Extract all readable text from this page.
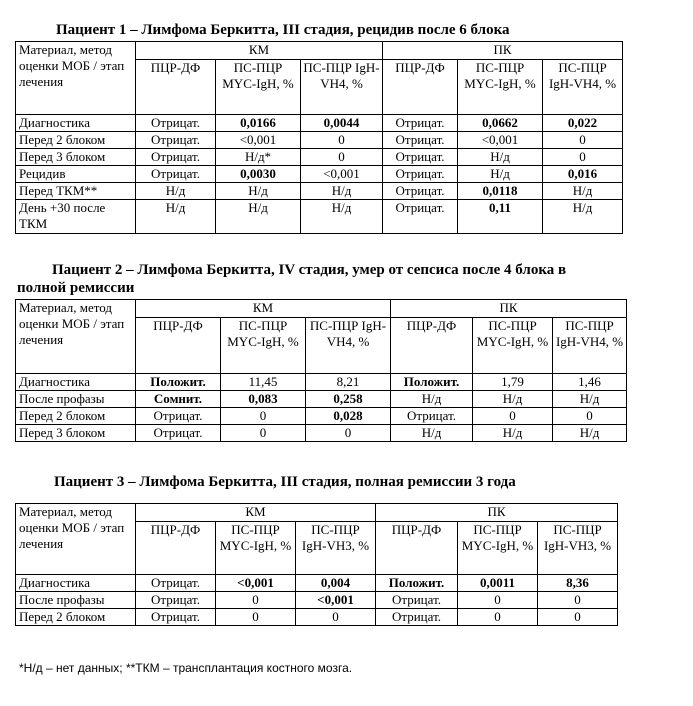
Пациент 1 – Лимфома Беркитта, III стадия, рецидив после 6 блока
Материал, метод оценки МОБ / этап лечения	КМ			ПК		
	ПЦР-ДФ	ПС-ПЦР MYC-IgH, %	ПС-ПЦР IgH-VH4, %	ПЦР-ДФ	ПС-ПЦР MYC-IgH, %	ПС-ПЦР IgH-VH4, %
Диагностика	Отрицат.	0,0166	0,0044	Отрицат.	0,0662	0,022
Перед 2 блоком	Отрицат.	<0,001	0	Отрицат.	<0,001	0
Перед 3 блоком	Отрицат.	Н/д*	0	Отрицат.	Н/д	0
Рецидив	Отрицат.	0,0030	<0,001	Отрицат.	Н/д	0,016
Перед ТКМ**	Н/д	Н/д	Н/д	Отрицат.	0,0118	Н/д
День +30 после ТКМ	Н/д	Н/д	Н/д	Отрицат.	0,11	Н/д
Пациент 2 – Лимфома Беркитта, IV стадия, умер от сепсиса после 4 блока в
полной ремиссии
Материал, метод оценки МОБ / этап лечения	КМ			ПК		
	ПЦР-ДФ	ПС-ПЦР MYC-IgH, %	ПС-ПЦР IgH-VH4, %	ПЦР-ДФ	ПС-ПЦР MYC-IgH, %	ПС-ПЦР IgH-VH4, %
Диагностика	Положит.	11,45	8,21	Положит.	1,79	1,46
После профазы	Сомнит.	0,083	0,258	Н/д	Н/д	Н/д
Перед 2 блоком	Отрицат.	0	0,028	Отрицат.	0	0
Перед 3 блоком	Отрицат.	0	0	Н/д	Н/д	Н/д
Пациент 3 – Лимфома Беркитта, III стадия, полная ремиссии 3 года
Материал, метод оценки МОБ / этап лечения	КМ			ПК		
	ПЦР-ДФ	ПС-ПЦР MYC-IgH, %	ПС-ПЦР IgH-VH3, %	ПЦР-ДФ	ПС-ПЦР MYC-IgH, %	ПС-ПЦР IgH-VH3, %
Диагностика	Отрицат.	<0,001	0,004	Положит.	0,0011	8,36
После профазы	Отрицат.	0	<0,001	Отрицат.	0	0
Перед 2 блоком	Отрицат.	0	0	Отрицат.	0	0
*Н/д – нет данных; **ТКМ – трансплантация костного мозга.
